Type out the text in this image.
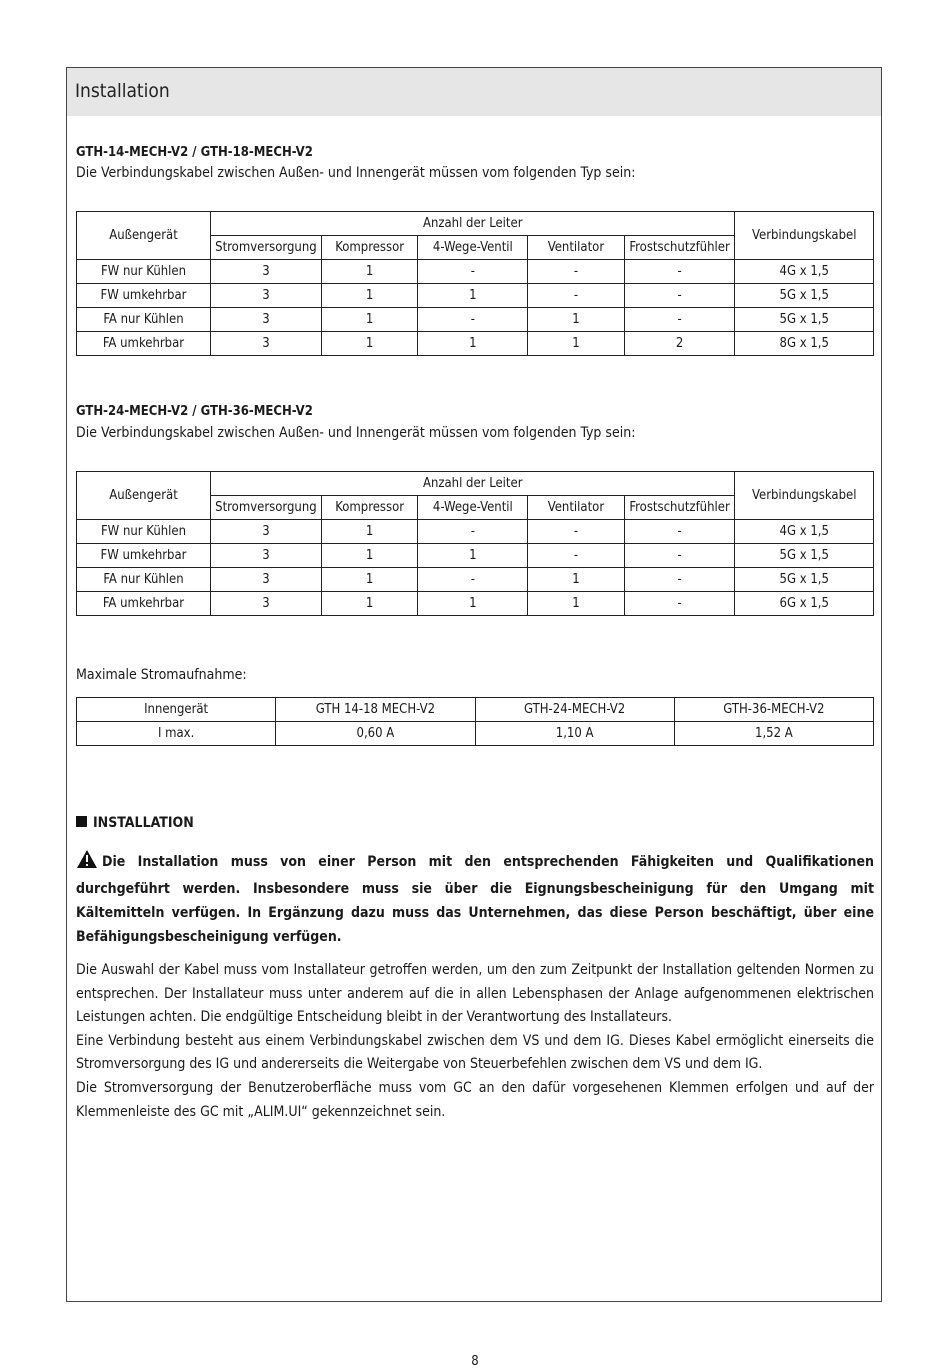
Installation
GTH-14-MECH-V2 / GTH-18-MECH-V2
Die Verbindungskabel zwischen Außen- und Innengerät müssen vom folgenden Typ sein:
Außengerät	Anzahl der Leiter					Verbindungskabel
	Stromversorgung	Kompressor	4-Wege-Ventil	Ventilator	Frostschutzfühler	
FW nur Kühlen	3	1	-	-	-	4G x 1,5
FW umkehrbar	3	1	1	-	-	5G x 1,5
FA nur Kühlen	3	1	-	1	-	5G x 1,5
FA umkehrbar	3	1	1	1	2	8G x 1,5
GTH-24-MECH-V2 / GTH-36-MECH-V2
Die Verbindungskabel zwischen Außen- und Innengerät müssen vom folgenden Typ sein:
Außengerät	Anzahl der Leiter					Verbindungskabel
	Stromversorgung	Kompressor	4-Wege-Ventil	Ventilator	Frostschutzfühler	
FW nur Kühlen	3	1	-	-	-	4G x 1,5
FW umkehrbar	3	1	1	-	-	5G x 1,5
FA nur Kühlen	3	1	-	1	-	5G x 1,5
FA umkehrbar	3	1	1	1	-	6G x 1,5
Maximale Stromaufnahme:
Innengerät	GTH 14-18 MECH-V2	GTH-24-MECH-V2	GTH-36-MECH-V2
I max.	0,60 A	1,10 A	1,52 A
INSTALLATION
Die Installation muss von einer Person mit den entsprechenden Fähigkeiten und Qualifikationen durchgeführt werden. Insbesondere muss sie über die Eignungsbescheinigung für den Umgang mit Kältemitteln verfügen. In Ergänzung dazu muss das Unternehmen, das diese Person beschäftigt, über eine Befähigungsbescheinigung verfügen.

Die Auswahl der Kabel muss vom Installateur getroffen werden, um den zum Zeitpunkt der Installation geltenden Normen zu entsprechen. Der Installateur muss unter anderem auf die in allen Lebensphasen der Anlage aufgenommenen elektrischen Leistungen achten. Die endgültige Entscheidung bleibt in der Verantwortung des Installateurs.

Eine Verbindung besteht aus einem Verbindungskabel zwischen dem VS und dem IG. Dieses Kabel ermöglicht einerseits die Stromversorgung des IG und andererseits die Weitergabe von Steuerbefehlen zwischen dem VS und dem IG.

Die Stromversorgung der Benutzeroberfläche muss vom GC an den dafür vorgesehenen Klemmen erfolgen und auf der Klemmenleiste des GC mit „ALIM.UI“ gekennzeichnet sein.

8
